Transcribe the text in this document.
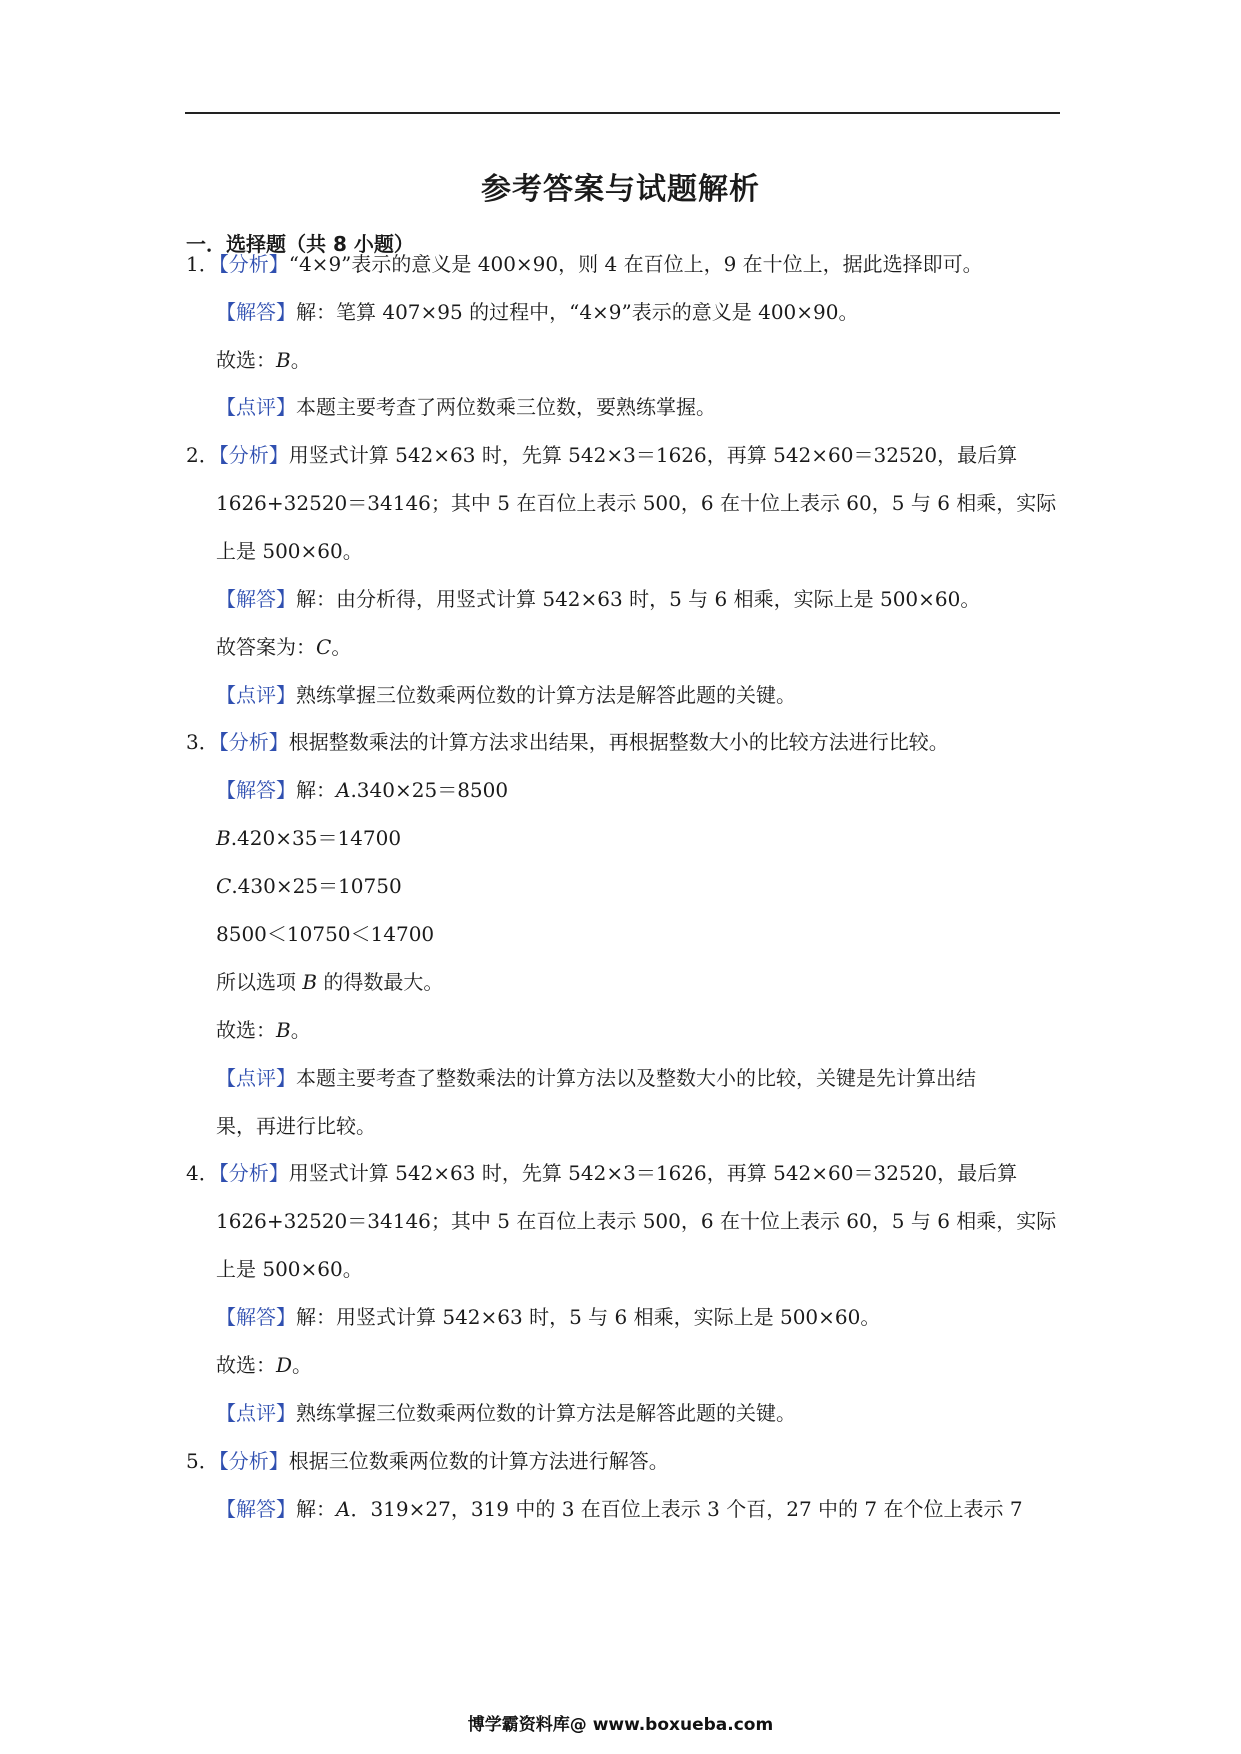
参考答案与试题解析
一．选择题（共 8 小题）
1．【分析】“4×9”表示的意义是 400×90，则 4 在百位上，9 在十位上，据此选择即可。
【解答】解：笔算 407×95 的过程中，“4×9”表示的意义是 400×90。
故选：B。
【点评】本题主要考查了两位数乘三位数，要熟练掌握。
2．【分析】用竖式计算 542×63 时，先算 542×3＝1626，再算 542×60＝32520，最后算
1626+32520＝34146；其中 5 在百位上表示 500，6 在十位上表示 60，5 与 6 相乘，实际
上是 500×60。
【解答】解：由分析得，用竖式计算 542×63 时，5 与 6 相乘，实际上是 500×60。
故答案为：C。
【点评】熟练掌握三位数乘两位数的计算方法是解答此题的关键。
3．【分析】根据整数乘法的计算方法求出结果，再根据整数大小的比较方法进行比较。
【解答】解：A.340×25＝8500
B.420×35＝14700
C.430×25＝10750
8500＜10750＜14700
所以选项 B 的得数最大。
故选：B。
【点评】本题主要考查了整数乘法的计算方法以及整数大小的比较，关键是先计算出结
果，再进行比较。
4．【分析】用竖式计算 542×63 时，先算 542×3＝1626，再算 542×60＝32520，最后算
1626+32520＝34146；其中 5 在百位上表示 500，6 在十位上表示 60，5 与 6 相乘，实际
上是 500×60。
【解答】解：用竖式计算 542×63 时，5 与 6 相乘，实际上是 500×60。
故选：D。
【点评】熟练掌握三位数乘两位数的计算方法是解答此题的关键。
5．【分析】根据三位数乘两位数的计算方法进行解答。
【解答】解：A．319×27，319 中的 3 在百位上表示 3 个百，27 中的 7 在个位上表示 7
博学霸资料库@ www.boxueba.com
